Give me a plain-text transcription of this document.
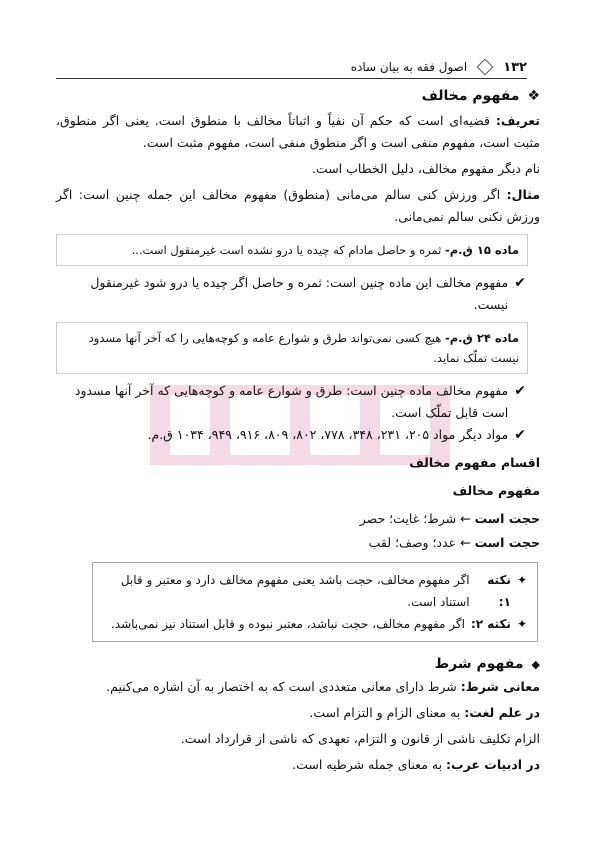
۱۳۲
اصول فقه به بیان ساده
❖
مفهوم مخالف

تعریف: قضیه‌ای است که حکم آن نفیاً و اثباتاً مخالف با منطوق است. یعنی اگر منطوق، مثبت است، مفهوم منفی است و اگر منطوق منفی است، مفهوم مثبت است.

نام دیگر مفهوم مخالف، دلیل الخطاب است.

مثال: اگر ورزش کنی سالم می‌مانی (منطوق) مفهوم مخالف این جمله چنین است: اگر ورزش نکنی سالم نمی‌مانی.

ماده ۱۵ ق.م- ثمره و حاصل مادام که چیده یا درو نشده است غیرمنقول است...
✔
مفهوم مخالف این ماده چنین است: ثمره و حاصل اگر چیده یا درو شود غیرمنقول نیست.
ماده ۲۴ ق.م- هیچ کسی نمی‌تواند طرق و شوارع عامه و کوچه‌هایی را که آخر آنها مسدود نیست تملّک نماید.
✔
مفهوم مخالف ماده چنین است: طرق و شوارع عامه و کوچه‌هایی که آخر آنها مسدود است قابل تملّک است.
✔
مواد دیگر مواد ۲۰۵، ۲۳۱، ۳۴۸، ۷۷۸، ۸۰۲، ۸۰۹، ۹۱۶، ۹۴۹، ۱۰۳۴ ق.م.

اقسام مفهوم مخالف

مفهوم مخالف

حجت است ← شرط؛ غایت؛ حصر

حجت است ← عدد؛ وصف؛ لقب

✦
نکته ۱:
اگر مفهوم مخالف، حجت باشد یعنی مفهوم مخالف دارد و معتبر و قابل استناد است.
✦
نکته ۲:
اگر مفهوم مخالف، حجت نباشد، معتبر نبوده و قابل استناد نیز نمی‌باشد.
◆
مفهوم شرط

معانی شرط: شرط دارای معانی متعددی است که به اختصار به آن اشاره می‌کنیم.

در علم لغت: به معنای الزام و التزام است.

الزام تکلیف ناشی از قانون و التزام، تعهدی که ناشی از قرارداد است.

در ادبیات عرب: به معنای جمله شرطیه است.
